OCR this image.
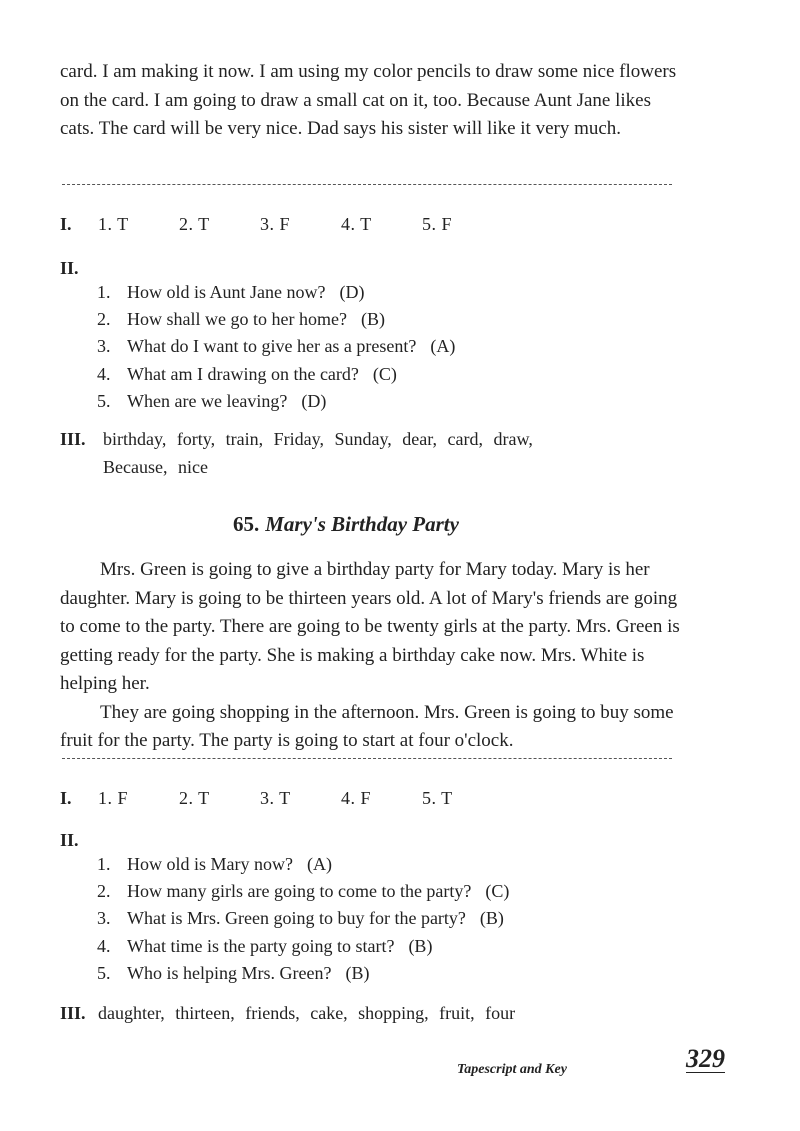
card. I am making it now. I am using my color pencils to draw some nice flowers on the card. I am going to draw a small cat on it, too. Because Aunt Jane likes cats. The card will be very nice. Dad says his sister will like it very much.

I. 1. T	2. T	3. F	4. T	5. F
II.
1. How old is Aunt Jane now? (D)
2. How shall we go to her home? (B)
3. What do I want to give her as a present? (A)
4. What am I drawing on the card? (C)
5. When are we leaving? (D)
III. birthday, forty, train, Friday, Sunday, dear, card, draw,
Because, nice
65. Mary's Birthday Party

Mrs. Green is going to give a birthday party for Mary today. Mary is her daughter. Mary is going to be thirteen years old. A lot of Mary's friends are going to come to the party. There are going to be twenty girls at the party. Mrs. Green is getting ready for the party. She is making a birthday cake now. Mrs. White is helping her.
They are going shopping in the afternoon. Mrs. Green is going to buy some fruit for the party. The party is going to start at four o'clock.

I. 1. F	2. T	3. T	4. F	5. T
II.
1. How old is Mary now? (A)
2. How many girls are going to come to the party? (C)
3. What is Mrs. Green going to buy for the party? (B)
4. What time is the party going to start? (B)
5. Who is helping Mrs. Green? (B)
III. daughter, thirteen, friends, cake, shopping, fruit, four
Tapescript and Key	329
